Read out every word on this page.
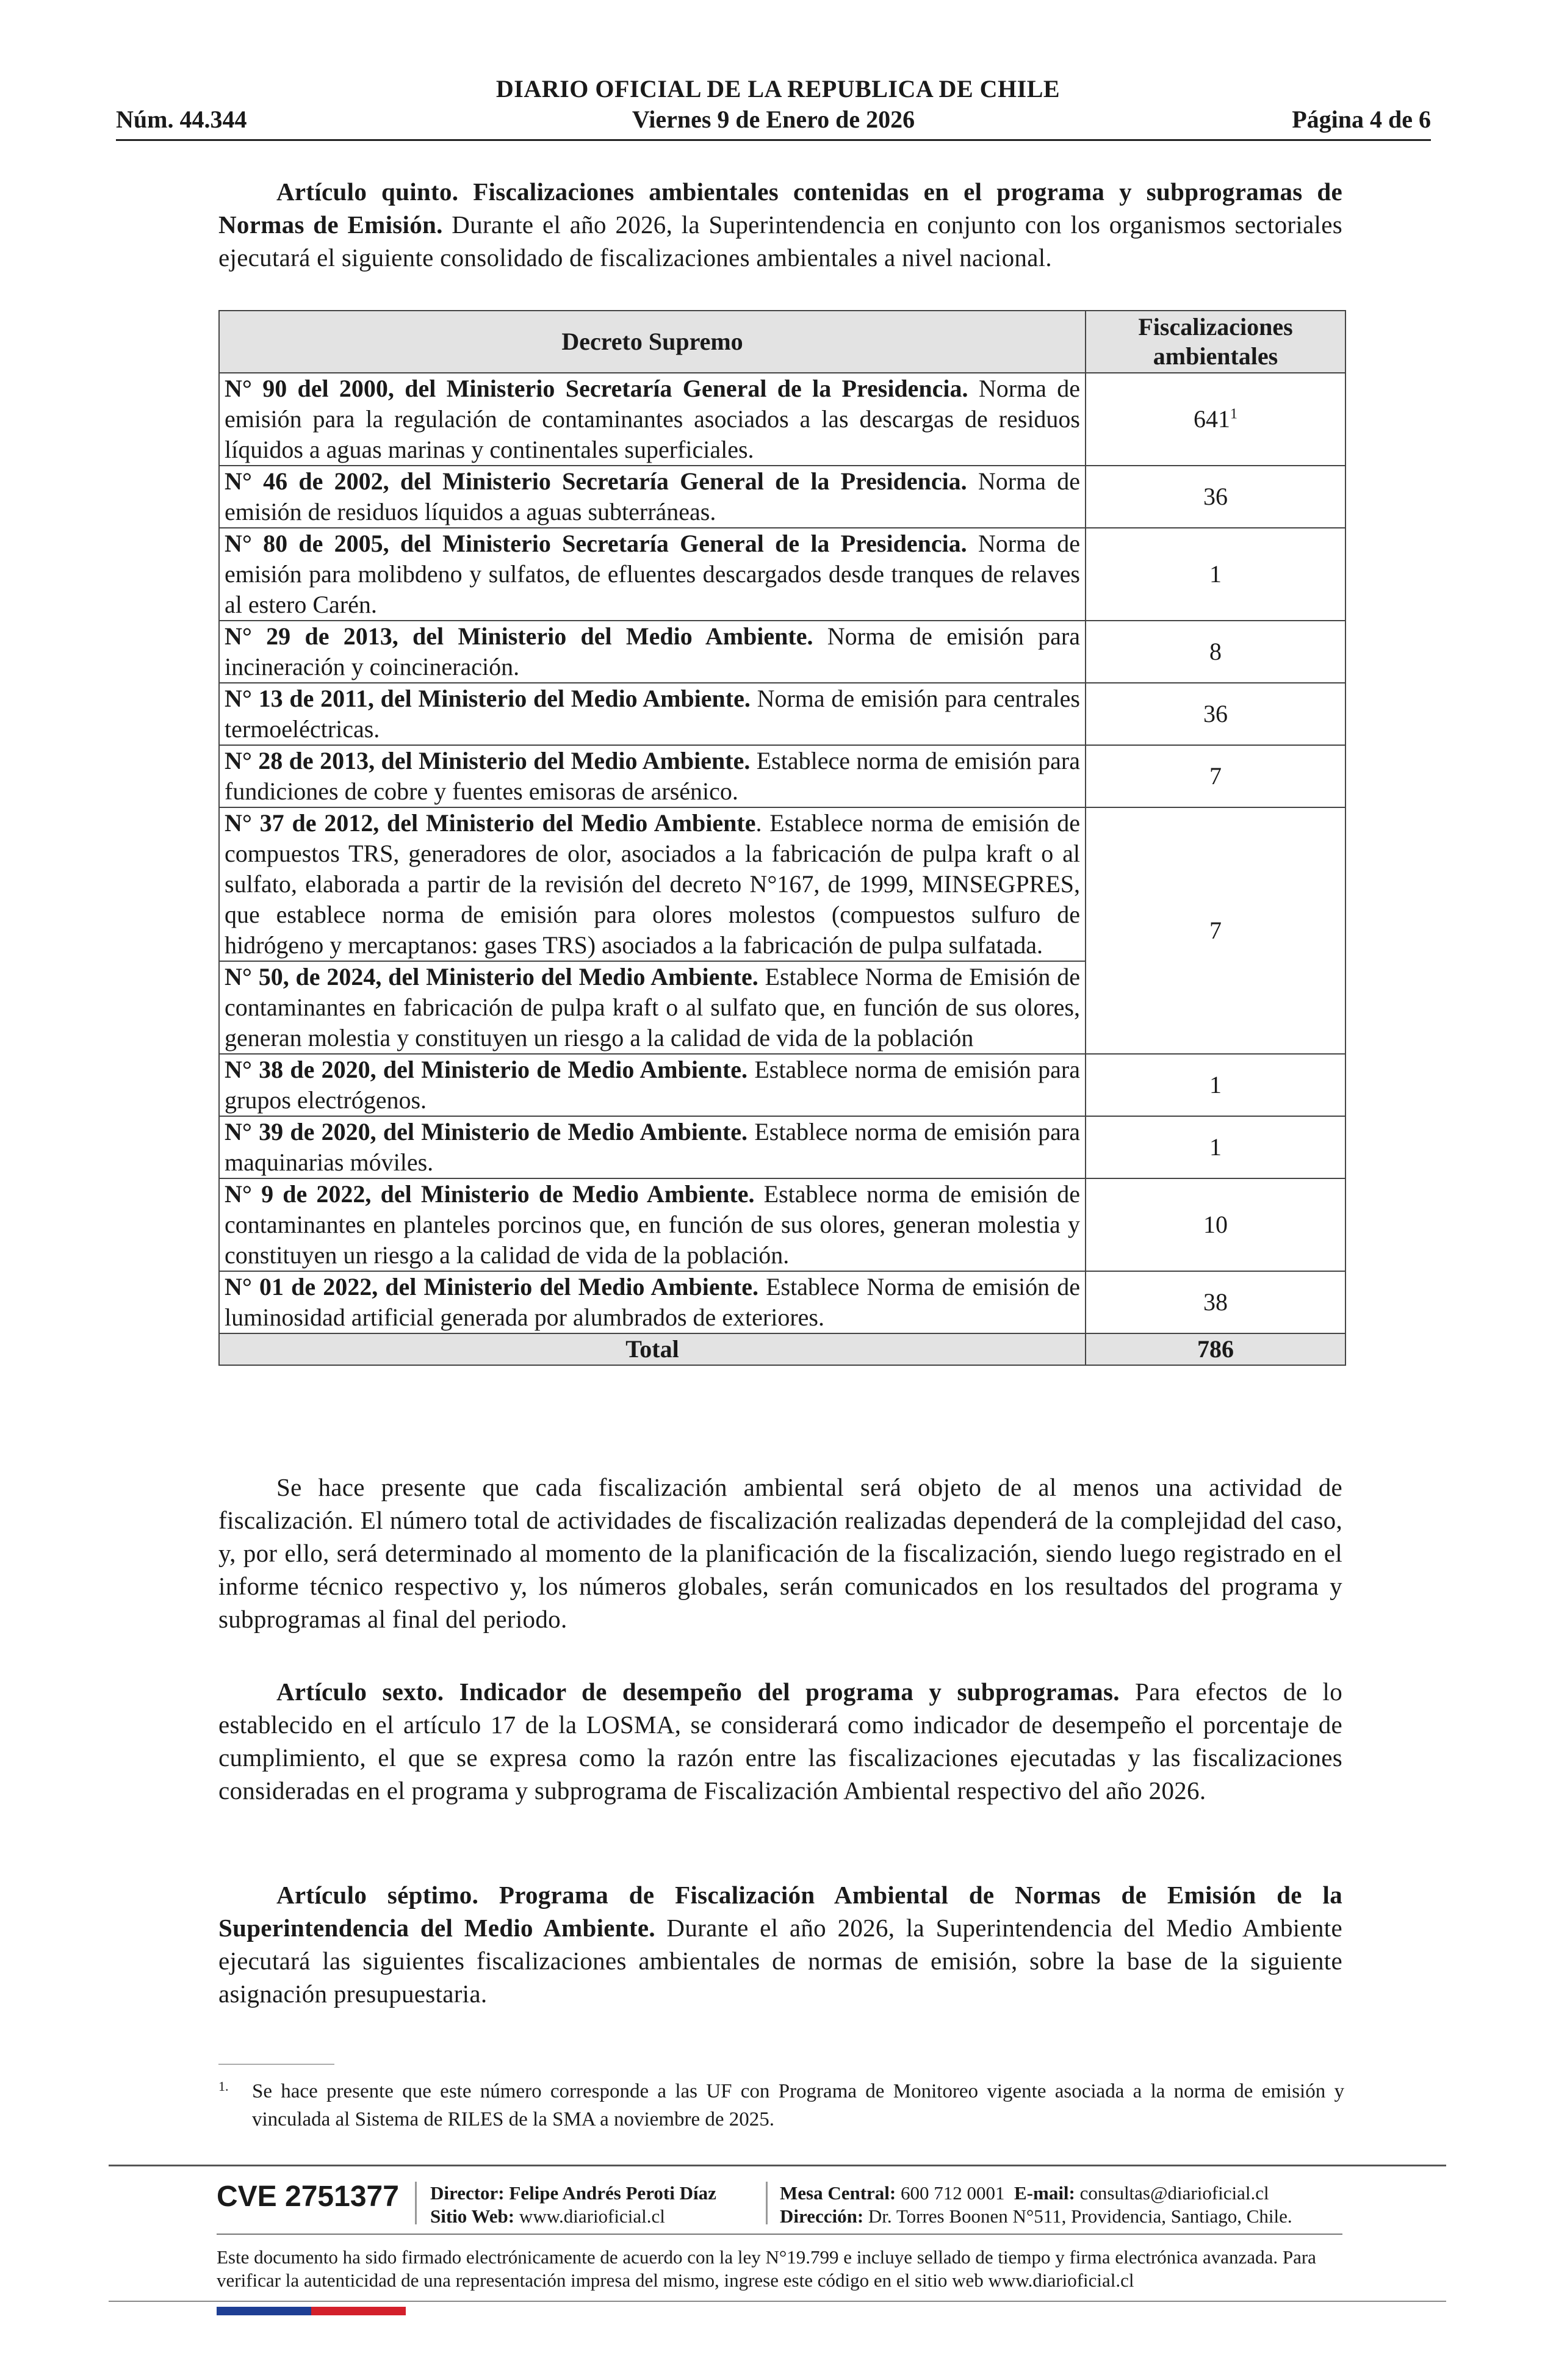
DIARIO OFICIAL DE LA REPUBLICA DE CHILE
Viernes 9 de Enero de 2026
Núm. 44.344	Página 4 de 6
Artículo quinto. Fiscalizaciones ambientales contenidas en el programa y subprogramas de Normas de Emisión. Durante el año 2026, la Superintendencia en conjunto con los organismos sectoriales ejecutará el siguiente consolidado de fiscalizaciones ambientales a nivel nacional.
Decreto Supremo	Fiscalizaciones ambientales
N° 90 del 2000, del Ministerio Secretaría General de la Presidencia. Norma de emisión para la regulación de contaminantes asociados a las descargas de residuos líquidos a aguas marinas y continentales superficiales.	$641^1$
N° 46 de 2002, del Ministerio Secretaría General de la Presidencia. Norma de emisión de residuos líquidos a aguas subterráneas.	36
N° 80 de 2005, del Ministerio Secretaría General de la Presidencia. Norma de emisión para molibdeno y sulfatos, de efluentes descargados desde tranques de relaves al estero Carén.	1
N° 29 de 2013, del Ministerio del Medio Ambiente. Norma de emisión para incineración y coincineración.	8
N° 13 de 2011, del Ministerio del Medio Ambiente. Norma de emisión para centrales termoeléctricas.	36
N° 28 de 2013, del Ministerio del Medio Ambiente. Establece norma de emisión para fundiciones de cobre y fuentes emisoras de arsénico.	7
N° 37 de 2012, del Ministerio del Medio Ambiente. Establece norma de emisión de compuestos TRS, generadores de olor, asociados a la fabricación de pulpa kraft o al sulfato, elaborada a partir de la revisión del decreto N°167, de 1999, MINSEGPRES, que establece norma de emisión para olores molestos (compuestos sulfuro de hidrógeno y mercaptanos: gases TRS) asociados a la fabricación de pulpa sulfatada.	7
N° 50, de 2024, del Ministerio del Medio Ambiente. Establece Norma de Emisión de contaminantes en fabricación de pulpa kraft o al sulfato que, en función de sus olores, generan molestia y constituyen un riesgo a la calidad de vida de la población	
N° 38 de 2020, del Ministerio de Medio Ambiente. Establece norma de emisión para grupos electrógenos.	1
N° 39 de 2020, del Ministerio de Medio Ambiente. Establece norma de emisión para maquinarias móviles.	1
N° 9 de 2022, del Ministerio de Medio Ambiente. Establece norma de emisión de contaminantes en planteles porcinos que, en función de sus olores, generan molestia y constituyen un riesgo a la calidad de vida de la población.	10
N° 01 de 2022, del Ministerio del Medio Ambiente. Establece Norma de emisión de luminosidad artificial generada por alumbrados de exteriores.	38
Total	786
Se hace presente que cada fiscalización ambiental será objeto de al menos una actividad de fiscalización. El número total de actividades de fiscalización realizadas dependerá de la complejidad del caso, y, por ello, será determinado al momento de la planificación de la fiscalización, siendo luego registrado en el informe técnico respectivo y, los números globales, serán comunicados en los resultados del programa y subprogramas al final del periodo.
Artículo sexto. Indicador de desempeño del programa y subprogramas. Para efectos de lo establecido en el artículo 17 de la LOSMA, se considerará como indicador de desempeño el porcentaje de cumplimiento, el que se expresa como la razón entre las fiscalizaciones ejecutadas y las fiscalizaciones consideradas en el programa y subprograma de Fiscalización Ambiental respectivo del año 2026.
Artículo séptimo. Programa de Fiscalización Ambiental de Normas de Emisión de la Superintendencia del Medio Ambiente. Durante el año 2026, la Superintendencia del Medio Ambiente ejecutará las siguientes fiscalizaciones ambientales de normas de emisión, sobre la base de la siguiente asignación presupuestaria.
1. Se hace presente que este número corresponde a las UF con Programa de Monitoreo vigente asociada a la norma de emisión y vinculada al Sistema de RILES de la SMA a noviembre de 2025.
CVE 2751377 Director: Felipe Andrés Peroti Díaz
Sitio Web: www.diarioficial.cl
Mesa Central: 600 712 0001 E-mail: consultas@diarioficial.cl
Dirección: Dr. Torres Boonen N°511, Providencia, Santiago, Chile.
Este documento ha sido firmado electrónicamente de acuerdo con la ley N°19.799 e incluye sellado de tiempo y firma electrónica avanzada. Para verificar la autenticidad de una representación impresa del mismo, ingrese este código en el sitio web www.diarioficial.cl
